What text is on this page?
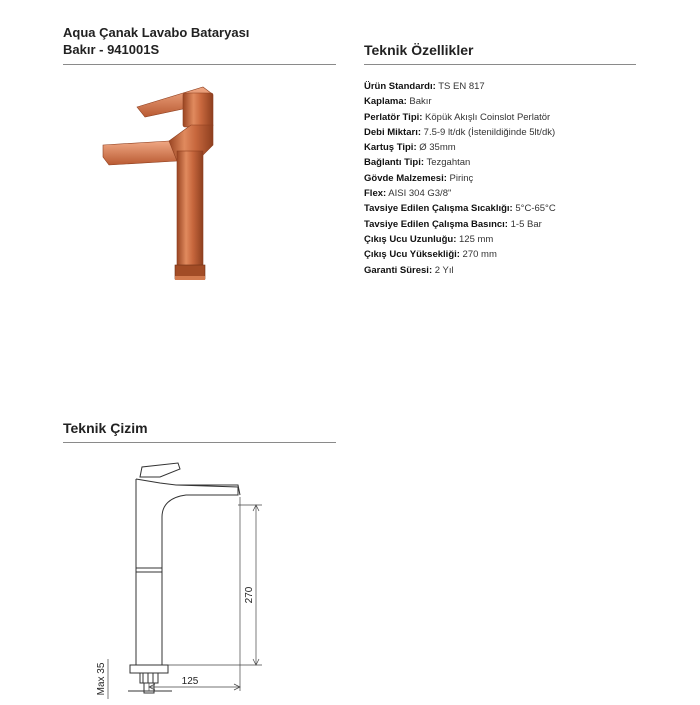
Aqua Çanak Lavabo Bataryası
Bakır - 941001S	Teknik Özellikler
Ürün Standardı: TS EN 817
Kaplama: Bakır
Perlatör Tipi: Köpük Akışlı Coinslot Perlatör
Debi Miktarı: 7.5-9 lt/dk (İstenildiğinde 5lt/dk)
Kartuş Tipi: Ø 35mm
Bağlantı Tipi: Tezgahtan
Gövde Malzemesi: Pirinç
Flex: AISI 304 G3/8"
Tavsiye Edilen Çalışma Sıcaklığı: 5°C-65°C
Tavsiye Edilen Çalışma Basıncı: 1-5 Bar
Çıkış Ucu Uzunluğu: 125 mm
Çıkış Ucu Yüksekliği: 270 mm
Garanti Süresi: 2 Yıl
Teknik Çizim
270
125
Max 35
